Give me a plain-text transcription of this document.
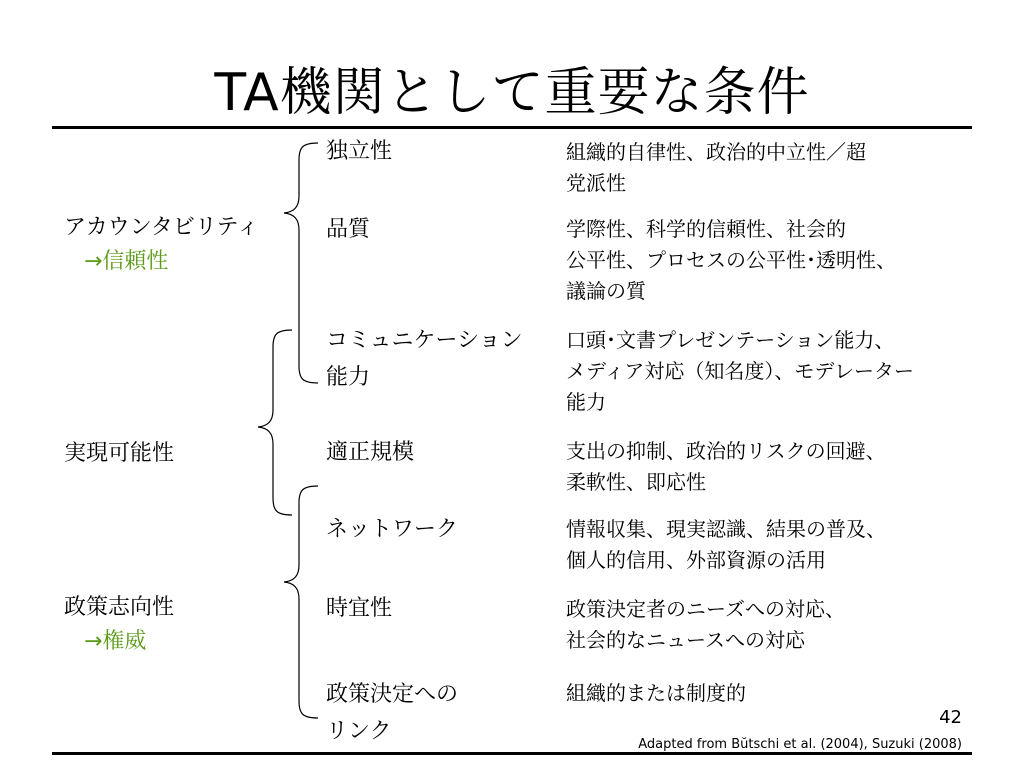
TA機関として重要な条件
アカウンタビリティ
→信頼性
実現可能性
政策志向性
→権威
独立性
品質
コミュニケーション
能力
適正規模
ネットワーク
時宜性
政策決定への
リンク
組織的自律性、政治的中立性／超
党派性
学際性、科学的信頼性、社会的
公平性、プロセスの公平性･透明性、
議論の質
口頭･文書プレゼンテーション能力、
メディア対応（知名度）、モデレーター
能力
支出の抑制、政治的リスクの回避、
柔軟性、即応性
情報収集、現実認識、結果の普及、
個人的信用、外部資源の活用
政策決定者のニーズへの対応、
社会的なニュースへの対応
組織的または制度的
42
Adapted from Bŭtschi et al. (2004), Suzuki (2008)
